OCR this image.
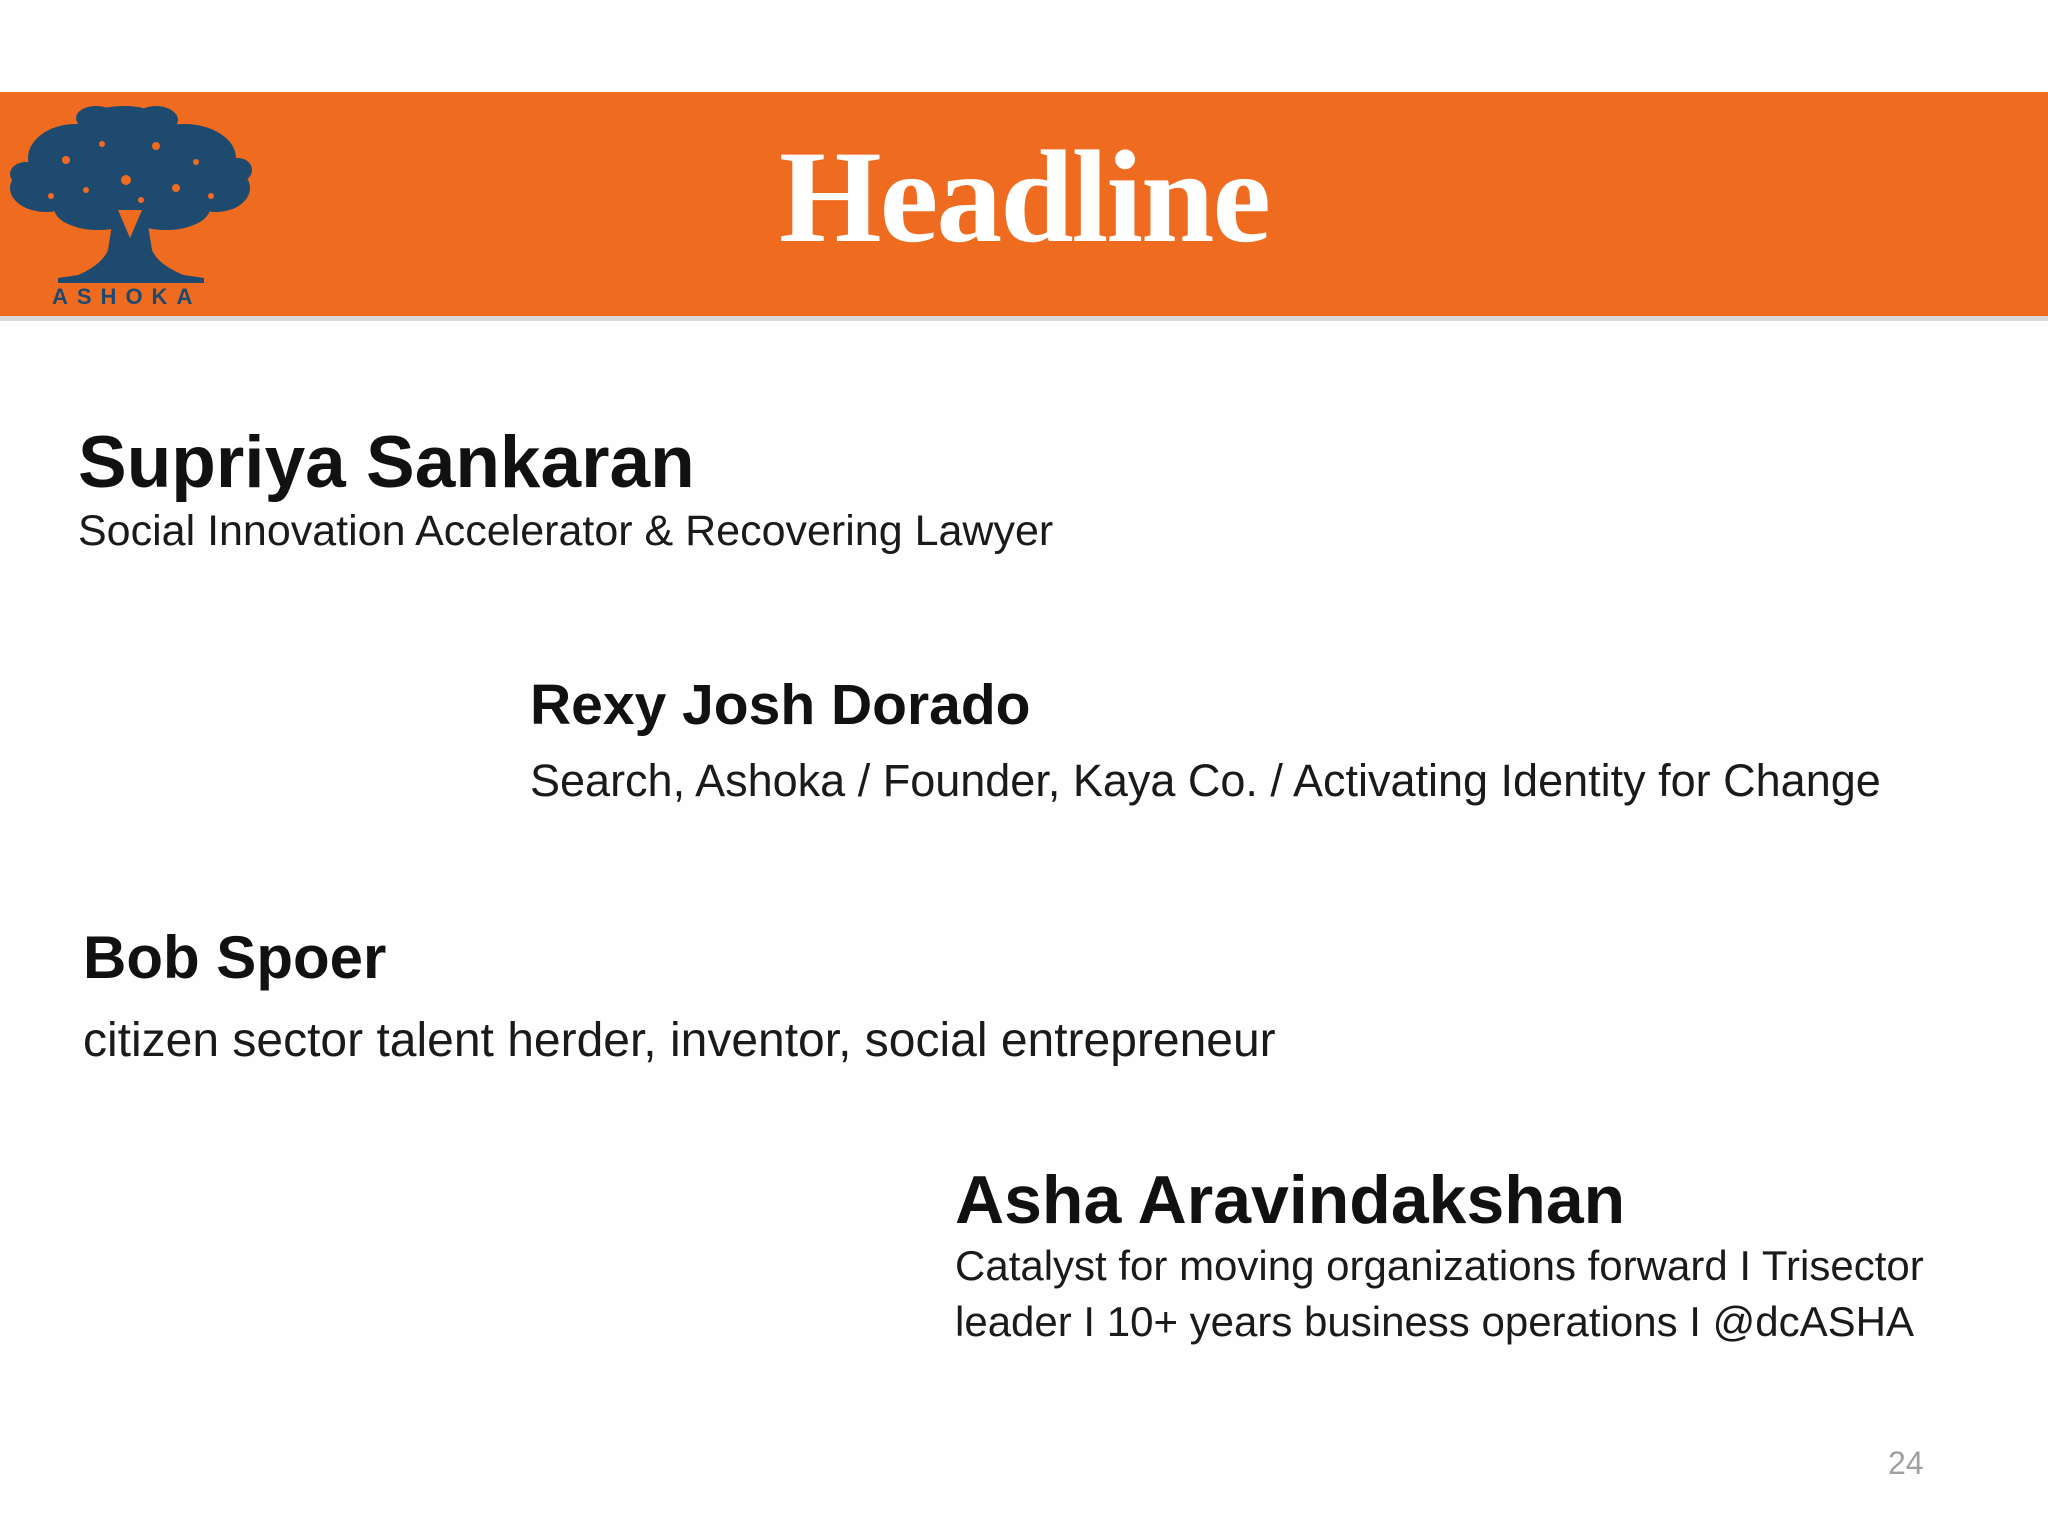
ASHOKA
Headline
Supriya Sankaran
Social Innovation Accelerator & Recovering Lawyer
Rexy Josh Dorado
Search, Ashoka / Founder, Kaya Co. / Activating Identity for Change
Bob Spoer
citizen sector talent herder, inventor, social entrepreneur
Asha Aravindakshan
Catalyst for moving organizations forward I Trisector leader I 10+ years business operations I @dcASHA
24
